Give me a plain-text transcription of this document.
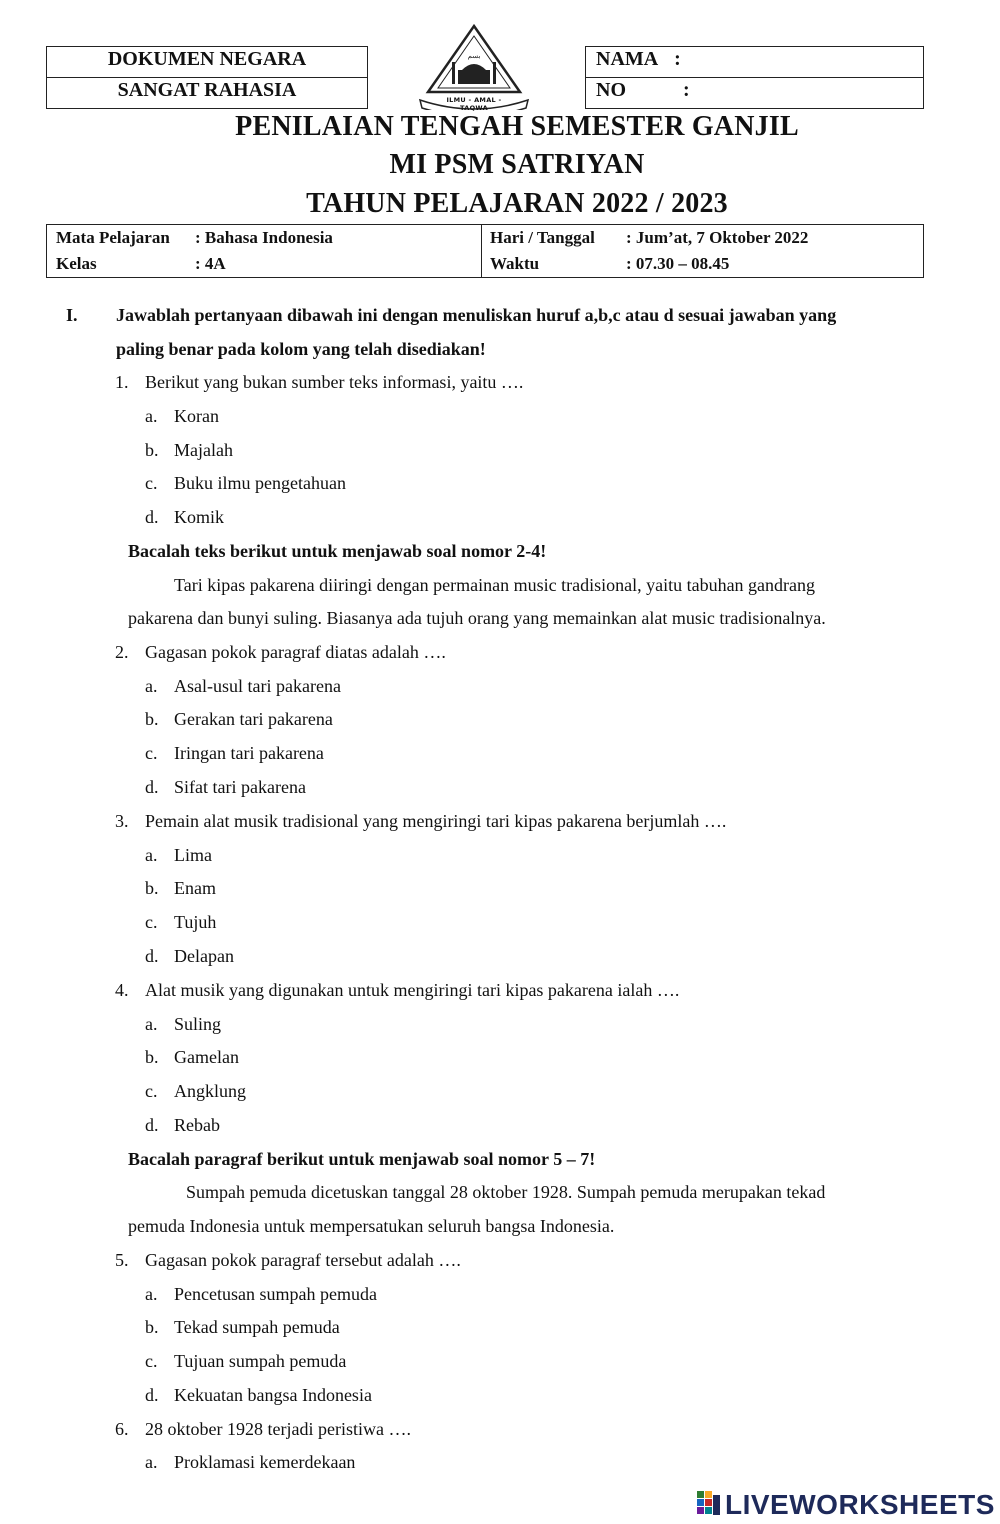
DOKUMEN NEGARA
SANGAT RAHASIA
NAMA :
NO :
بسم
ILMU - AMAL - TAQWA
PENILAIAN TENGAH SEMESTER GANJIL
MI PSM SATRIYAN
TAHUN PELAJARAN 2022 / 2023
Mata Pelajaran : Bahasa Indonesia
Kelas	: 4A
Hari / Tanggal : Jum’at, 7 Oktober 2022
Waktu	: 07.30 – 08.45
I. Jawablah pertanyaan dibawah ini dengan menuliskan huruf a,b,c atau d sesuai jawaban yang
paling benar pada kolom yang telah disediakan!
1. Berikut yang bukan sumber teks informasi, yaitu ….
a. Koran
b. Majalah
c. Buku ilmu pengetahuan
d. Komik
Bacalah teks berikut untuk menjawab soal nomor 2-4!
Tari kipas pakarena diiringi dengan permainan music tradisional, yaitu tabuhan gandrang
pakarena dan bunyi suling. Biasanya ada tujuh orang yang memainkan alat music tradisionalnya.
2. Gagasan pokok paragraf diatas adalah ….
a. Asal-usul tari pakarena
b. Gerakan tari pakarena
c. Iringan tari pakarena
d. Sifat tari pakarena
3. Pemain alat musik tradisional yang mengiringi tari kipas pakarena berjumlah ….
a. Lima
b. Enam
c. Tujuh
d. Delapan
4. Alat musik yang digunakan untuk mengiringi tari kipas pakarena ialah ….
a. Suling
b. Gamelan
c. Angklung
d. Rebab
Bacalah paragraf berikut untuk menjawab soal nomor 5 – 7!
Sumpah pemuda dicetuskan tanggal 28 oktober 1928. Sumpah pemuda merupakan tekad
pemuda Indonesia untuk mempersatukan seluruh bangsa Indonesia.
5. Gagasan pokok paragraf tersebut adalah ….
a. Pencetusan sumpah pemuda
b. Tekad sumpah pemuda
c. Tujuan sumpah pemuda
d. Kekuatan bangsa Indonesia
6. 28 oktober 1928 terjadi peristiwa ….
a. Proklamasi kemerdekaan
LIVEWORKSHEETS
